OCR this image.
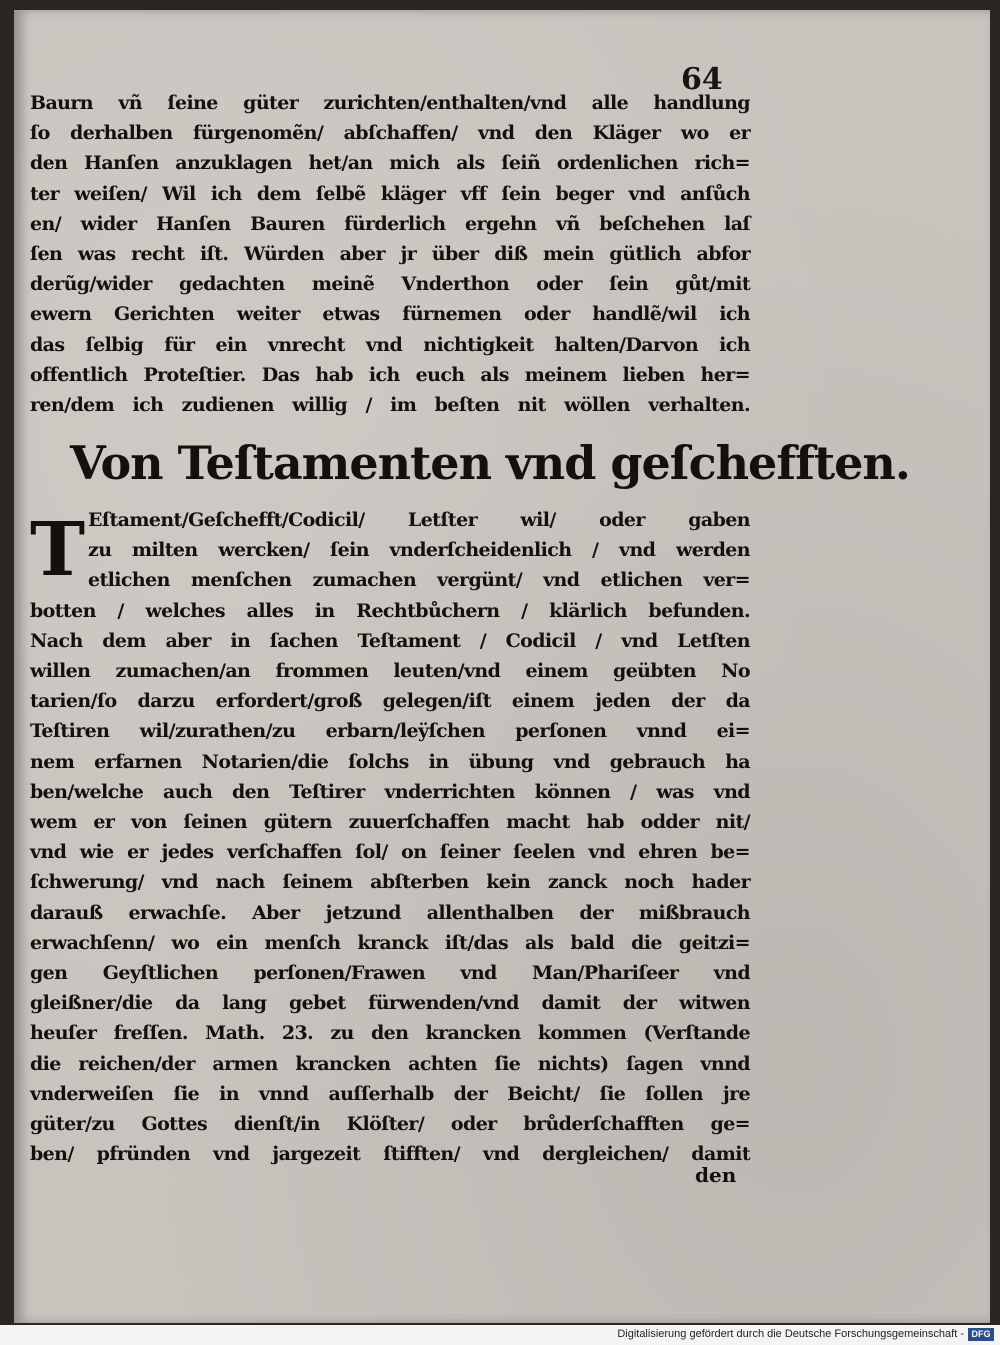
64
Baurn vñ ſeine güter zurichten/enthalten/vnd alle handlung
ſo derhalben fürgenomẽn/ abſchaffen/ vnd den Kläger wo er
den Hanſen anzuklagen het/an mich als ſeiñ ordenlichen rich=
ter weiſen/ Wil ich dem ſelbẽ kläger vff ſein beger vnd anſůch
en/ wider Hanſen Bauren fürderlich ergehn vñ beſchehen laſ
ſen was recht iſt. Würden aber jr über diß mein gütlich abfor
derũg/wider gedachten meinẽ Vnderthon oder ſein gůt/mit
ewern Gerichten weiter etwas fürnemen oder handlẽ/wil ich
das ſelbig für ein vnrecht vnd nichtigkeit halten/Darvon ich
offentlich Proteſtier. Das hab ich euch als meinem lieben her=
ren/dem ich zudienen willig / im beſten nit wöllen verhalten.
Von Teſtamenten vnd geſchefften.
T Eſtament/Geſchefft/Codicil/ Letſter wil/ oder gaben
zu milten wercken/ ſein vnderſcheidenlich / vnd werden
etlichen menſchen zumachen vergünt/ vnd etlichen ver=
botten / welches alles in Rechtbůchern / klärlich befunden.
Nach dem aber in ſachen Teſtament / Codicil / vnd Letſten
willen zumachen/an frommen leuten/vnd einem geübten No
tarien/ſo darzu erfordert/groß gelegen/iſt einem jeden der da
Teſtiren wil/zurathen/zu erbarn/leÿſchen perſonen vnnd ei=
nem erfarnen Notarien/die ſolchs in übung vnd gebrauch ha
ben/welche auch den Teſtirer vnderrichten können / was vnd
wem er von ſeinen gütern zuuerſchaffen macht hab odder nit/
vnd wie er jedes verſchaffen ſol/ on ſeiner ſeelen vnd ehren be=
ſchwerung/ vnd nach ſeinem abſterben kein zanck noch hader
darauß erwachſe. Aber jetzund allenthalben der mißbrauch
erwachſenn/ wo ein menſch kranck iſt/das als bald die geitzi=
gen Geyſtlichen perſonen/Frawen vnd Man/Phariſeer vnd
gleißner/die da lang gebet fürwenden/vnd damit der witwen
heuſer freſſen. Math. 23. zu den krancken kommen (Verſtande
die reichen/der armen krancken achten ſie nichts) ſagen vnnd
vnderweiſen ſie in vnnd auſſerhalb der Beicht/ ſie ſollen jre
güter/zu Gottes dienſt/in Klöſter/ oder brůderſchafften ge=
ben/ pfründen vnd jargezeit ſtifften/ vnd dergleichen/ damit
den
Digitalisierung gefördert durch die Deutsche Forschungsgemeinschaft - DFG
